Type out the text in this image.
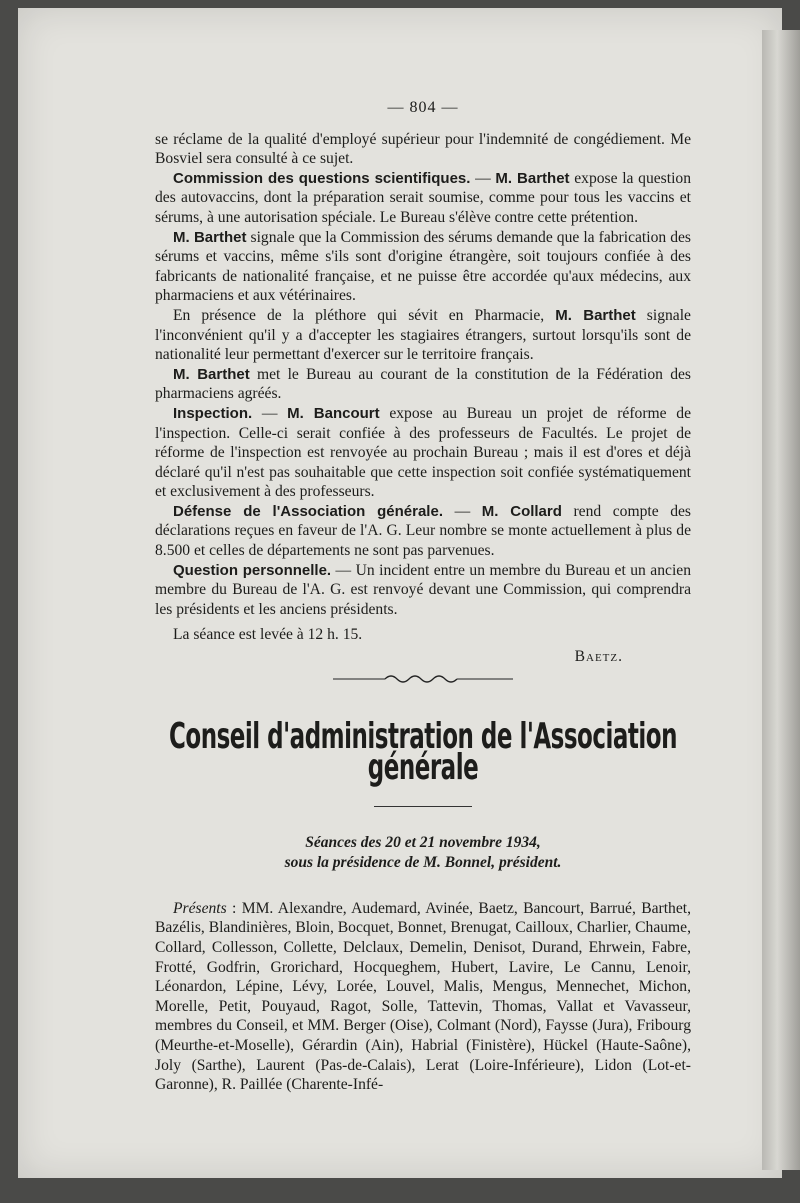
— 804 —

se réclame de la qualité d'employé supérieur pour l'indemnité de congédiement. Me Bosviel sera consulté à ce sujet.

Commission des questions scientifiques. — M. Barthet expose la question des autovaccins, dont la préparation serait soumise, comme pour tous les vaccins et sérums, à une autorisation spéciale. Le Bureau s'élève contre cette prétention.

M. Barthet signale que la Commission des sérums demande que la fabrication des sérums et vaccins, même s'ils sont d'origine étrangère, soit toujours confiée à des fabricants de nationalité française, et ne puisse être accordée qu'aux médecins, aux pharmaciens et aux vétérinaires.

En présence de la pléthore qui sévit en Pharmacie, M. Barthet signale l'inconvénient qu'il y a d'accepter les stagiaires étrangers, surtout lorsqu'ils sont de nationalité leur permettant d'exercer sur le territoire français.

M. Barthet met le Bureau au courant de la constitution de la Fédération des pharmaciens agréés.

Inspection. — M. Bancourt expose au Bureau un projet de réforme de l'inspection. Celle-ci serait confiée à des professeurs de Facultés. Le projet de réforme de l'inspection est renvoyée au prochain Bureau ; mais il est d'ores et déjà déclaré qu'il n'est pas souhaitable que cette inspection soit confiée systématiquement et exclusivement à des professeurs.

Défense de l'Association générale. — M. Collard rend compte des déclarations reçues en faveur de l'A. G. Leur nombre se monte actuellement à plus de 8.500 et celles de départements ne sont pas parvenues.

Question personnelle. — Un incident entre un membre du Bureau et un ancien membre du Bureau de l'A. G. est renvoyé devant une Commission, qui comprendra les présidents et les anciens présidents.

La séance est levée à 12 h. 15.

Baetz.
Conseil d'administration de l'Association générale
Séances des 20 et 21 novembre 1934,
sous la présidence de M. Bonnel, président.

Présents : MM. Alexandre, Audemard, Avinée, Baetz, Bancourt, Barrué, Barthet, Bazélis, Blandinières, Bloin, Bocquet, Bonnet, Brenugat, Cailloux, Charlier, Chaume, Collard, Collesson, Collette, Delclaux, Demelin, Denisot, Durand, Ehrwein, Fabre, Frotté, Godfrin, Grorichard, Hocqueghem, Hubert, Lavire, Le Cannu, Lenoir, Léonardon, Lépine, Lévy, Lorée, Louvel, Malis, Mengus, Mennechet, Michon, Morelle, Petit, Pouyaud, Ragot, Solle, Tattevin, Thomas, Vallat et Vavasseur, membres du Conseil, et MM. Berger (Oise), Colmant (Nord), Faysse (Jura), Fribourg (Meurthe-et-Moselle), Gérardin (Ain), Habrial (Finistère), Hückel (Haute-Saône), Joly (Sarthe), Laurent (Pas-de-Calais), Lerat (Loire-Inférieure), Lidon (Lot-et-Garonne), R. Paillée (Charente-Infé-
